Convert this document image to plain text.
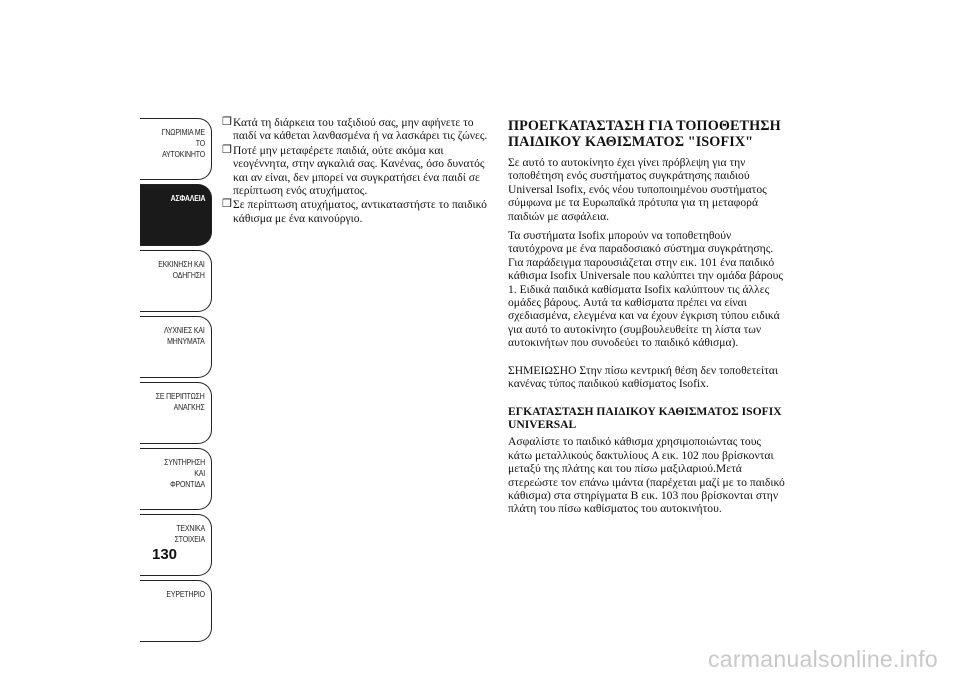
ΓΝΩΡΙΜΙΑ ΜΕ ΤΟ
ΑΥΤΟΚΙΝΗΤΟ
ΑΣΦΑΛΕΙΑ
ΕΚΚΙΝΗΣΗ ΚΑΙ
ΟΔΗΓΗΣΗ
ΛΥΧΝΙΕΣ ΚΑΙ
ΜΗΝΥΜΑΤΑ
ΣΕ ΠΕΡΙΠΤΩΣΗ
ΑΝΑΓΚΗΣ
ΣΥΝΤΗΡΗΣΗ ΚΑΙ
ΦΡΟΝΤΙΔΑ
ΤΕΧΝΙΚΑ ΣΤΟΙΧΕΙΑ
ΕΥΡΕΤΗΡΙΟ
130
❒ Κατά τη διάρκεια του ταξιδιού σας, μην αφήνετε το παιδί να κάθεται λανθασμένα ή να λασκάρει τις ζώνες.
❒ Ποτέ μην μεταφέρετε παιδιά, ούτε ακόμα και νεογέννητα, στην αγκαλιά σας. Κανένας, όσο δυνατός και αν είναι, δεν μπορεί να συγκρατήσει ένα παιδί σε περίπτωση ενός ατυχήματος.
❒ Σε περίπτωση ατυχήματος, αντικαταστήστε το παιδικό κάθισμα με ένα καινούργιο.
ΠΡΟΕΓΚΑΤΑΣΤΑΣΗ ΓΙΑ ΤΟΠΟΘΕΤΗΣΗ ΠΑΙΔΙΚΟΥ ΚΑΘΙΣΜΑΤΟΣ "ISOFIX"

Σε αυτό το αυτοκίνητο έχει γίνει πρόβλεψη για την τοποθέτηση ενός συστήματος συγκράτησης παιδιού Universal Isofix, ενός νέου τυποποιημένου συστήματος σύμφωνα με τα Ευρωπαϊκά πρότυπα για τη μεταφορά παιδιών με ασφάλεια.

Τα συστήματα Isofix μπορούν να τοποθετηθούν ταυτόχρονα με ένα παραδοσιακό σύστημα συγκράτησης. Για παράδειγμα παρουσιάζεται στην εικ. 101 ένα παιδικό κάθισμα Isofix Universale που καλύπτει την ομάδα βάρους 1. Ειδικά παιδικά καθίσματα Isofix καλύπτουν τις άλλες ομάδες βάρους. Αυτά τα καθίσματα πρέπει να είναι σχεδιασμένα, ελεγμένα και να έχουν έγκριση τύπου ειδικά για αυτό το αυτοκίνητο (συμβουλευθείτε τη λίστα των αυτοκινήτων που συνοδεύει το παιδικό κάθισμα).

ΣΗΜΕΙΩΣΗΟ Στην πίσω κεντρική θέση δεν τοποθετείται κανένας τύπος παιδικού καθίσματος Isofix.

ΕΓΚΑΤΑΣΤΑΣΗ ΠΑΙΔΙΚΟΥ ΚΑΘΙΣΜΑΤΟΣ ISOFIX UNIVERSAL

Ασφαλίστε το παιδικό κάθισμα χρησιμοποιώντας τους κάτω μεταλλικούς δακτυλίους A εικ. 102 που βρίσκονται μεταξύ της πλάτης και του πίσω μαξιλαριού.Μετά στερεώστε τον επάνω ιμάντα (παρέχεται μαζί με το παιδικό κάθισμα) στα στηρίγματα B εικ. 103 που βρίσκονται στην πλάτη του πίσω καθίσματος του αυτοκινήτου.

carmanualsonline.info
